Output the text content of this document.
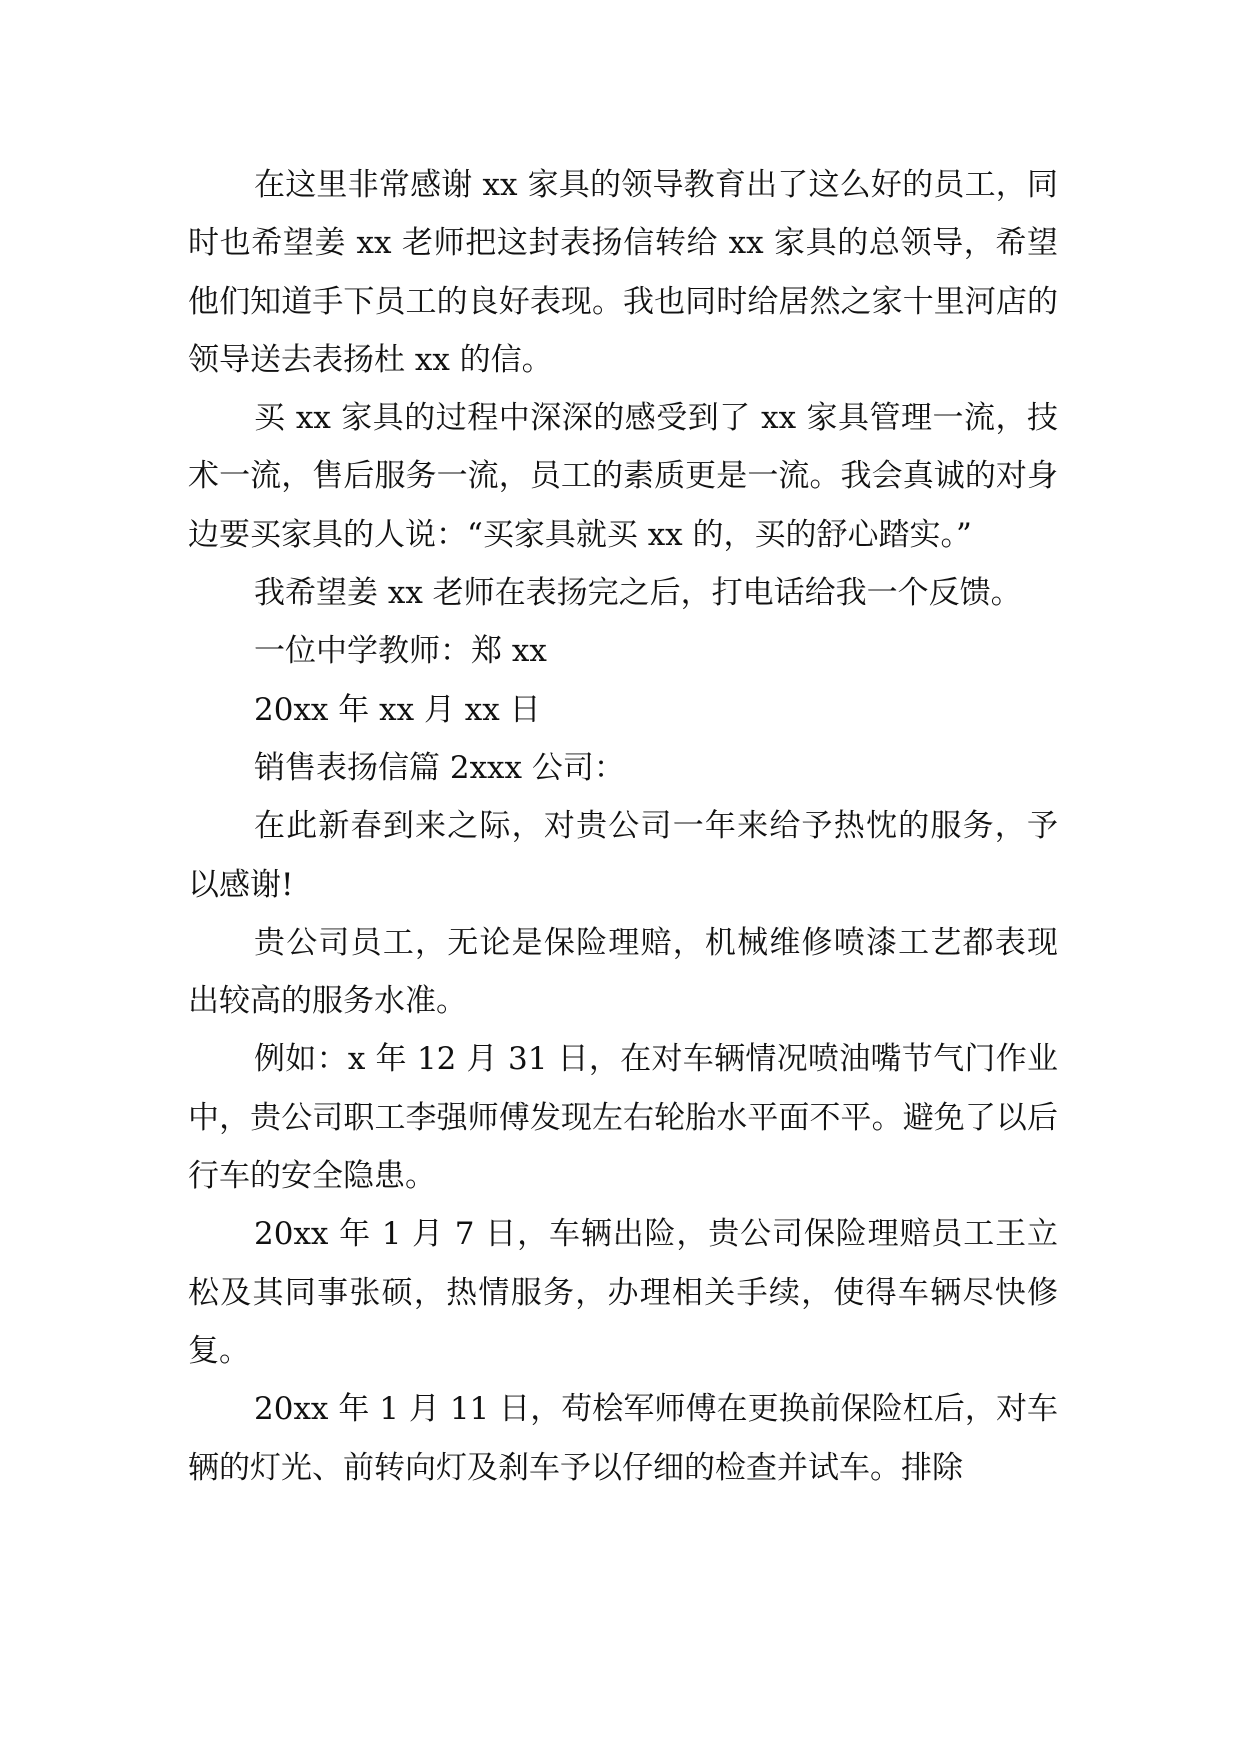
在这里非常感谢 xx 家具的领导教育出了这么好的员工，同时也希望姜 xx 老师把这封表扬信转给 xx 家具的总领导，希望他们知道手下员工的良好表现。我也同时给居然之家十里河店的领导送去表扬杜 xx 的信。

买 xx 家具的过程中深深的感受到了 xx 家具管理一流，技术一流，售后服务一流，员工的素质更是一流。我会真诚的对身边要买家具的人说：“买家具就买 xx 的，买的舒心踏实。”

我希望姜 xx 老师在表扬完之后，打电话给我一个反馈。

一位中学教师：郑 xx

20xx 年 xx 月 xx 日

销售表扬信篇 2xxx 公司：

在此新春到来之际，对贵公司一年来给予热忱的服务，予以感谢!

贵公司员工，无论是保险理赔，机械维修喷漆工艺都表现出较高的服务水准。

例如：x 年 12 月 31 日，在对车辆情况喷油嘴节气门作业中，贵公司职工李强师傅发现左右轮胎水平面不平。避免了以后行车的安全隐患。

20xx 年 1 月 7 日，车辆出险，贵公司保险理赔员工王立松及其同事张硕，热情服务，办理相关手续，使得车辆尽快修复。

20xx 年 1 月 11 日，苟桧军师傅在更换前保险杠后，对车辆的灯光、前转向灯及刹车予以仔细的检查并试车。排除
